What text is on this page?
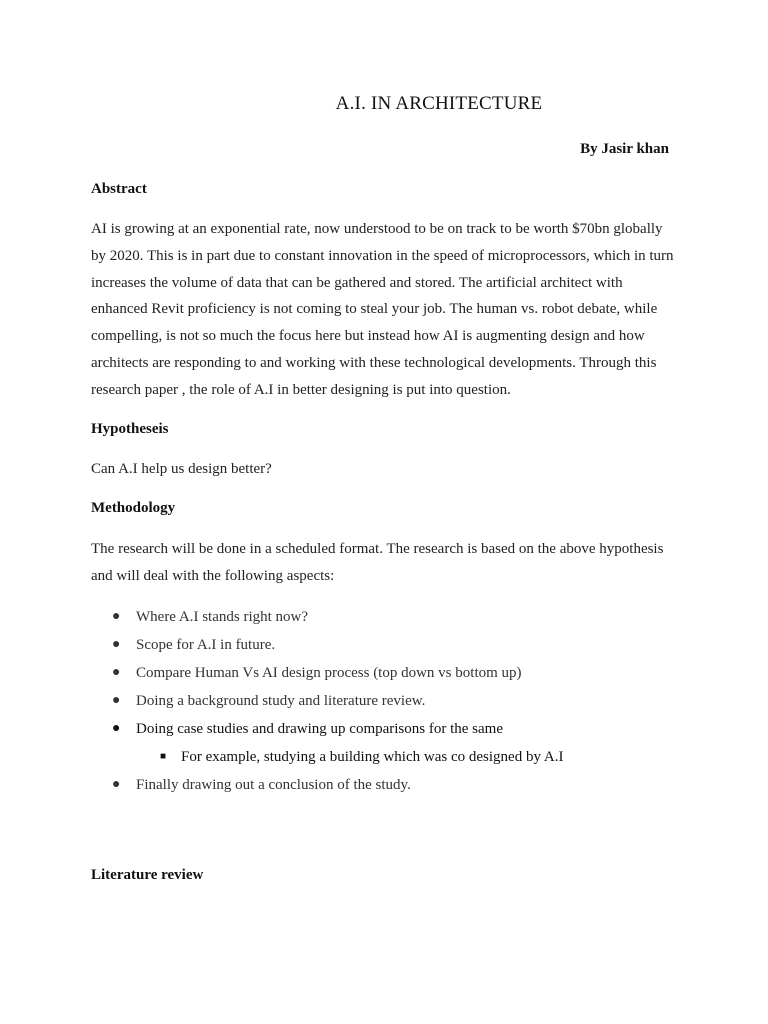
A.I. IN ARCHITECTURE
By Jasir khan
Abstract
AI is growing at an exponential rate, now understood to be on track to be worth $70bn globally
by 2020. This is in part due to constant innovation in the speed of microprocessors, which in turn
increases the volume of data that can be gathered and stored. The artificial architect with
enhanced Revit proficiency is not coming to steal your job. The human vs. robot debate, while
compelling, is not so much the focus here but instead how AI is augmenting design and how
architects are responding to and working with these technological developments. Through this
research paper , the role of A.I in better designing is put into question.
Hypotheseis
Can A.I help us design better?
Methodology
The research will be done in a scheduled format. The research is based on the above hypothesis
and will deal with the following aspects:
● Where A.I stands right now?
● Scope for A.I in future.
● Compare Human Vs AI design process (top down vs bottom up)
● Doing a background study and literature review.
● Doing case studies and drawing up comparisons for the same
■ For example, studying a building which was co designed by A.I
● Finally drawing out a conclusion of the study.
Literature review
